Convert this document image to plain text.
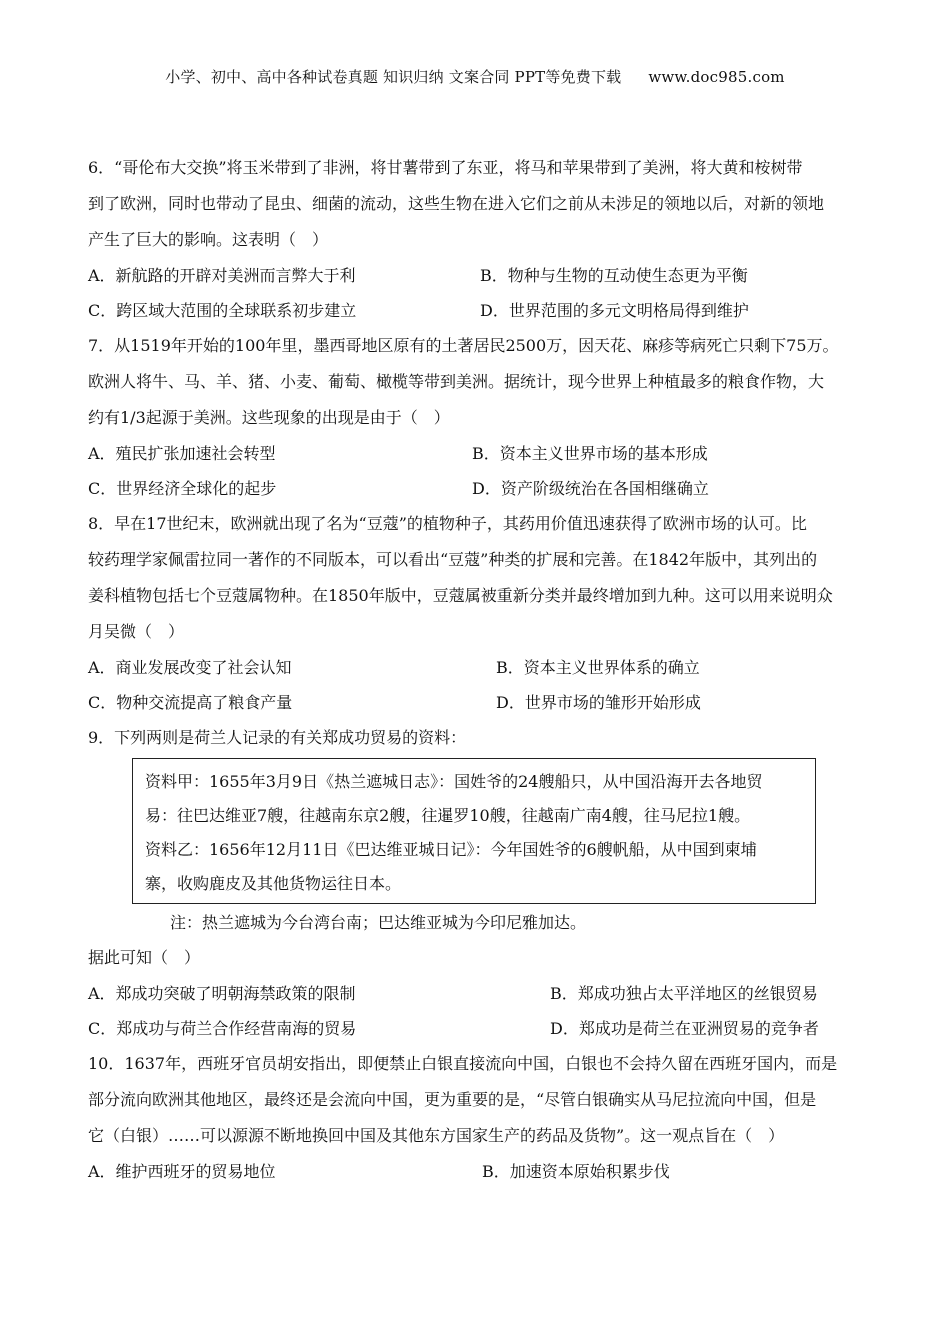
小学、初中、高中各种试卷真题 知识归纳 文案合同 PPT等免费下载 www.doc985.com
6．“哥伦布大交换”将玉米带到了非洲，将甘薯带到了东亚，将马和苹果带到了美洲，将大黄和桉树带
到了欧洲，同时也带动了昆虫、细菌的流动，这些生物在进入它们之前从未涉足的领地以后，对新的领地
产生了巨大的影响。这表明（　）
A．新航路的开辟对美洲而言弊大于利	B．物种与生物的互动使生态更为平衡
C．跨区域大范围的全球联系初步建立	D．世界范围的多元文明格局得到维护
7．从1519年开始的100年里，墨西哥地区原有的土著居民2500万，因天花、麻疹等病死亡只剩下75万。
欧洲人将牛、马、羊、猪、小麦、葡萄、橄榄等带到美洲。据统计，现今世界上种植最多的粮食作物，大
约有1/3起源于美洲。这些现象的出现是由于（　）
A．殖民扩张加速社会转型	B．资本主义世界市场的基本形成
C．世界经济全球化的起步	D．资产阶级统治在各国相继确立
8．早在17世纪末，欧洲就出现了名为“豆蔻”的植物种子，其药用价值迅速获得了欧洲市场的认可。比
较药理学家佩雷拉同一著作的不同版本，可以看出“豆蔻”种类的扩展和完善。在1842年版中，其列出的
姜科植物包括七个豆蔻属物种。在1850年版中，豆蔻属被重新分类并最终增加到九种。这可以用来说明众
月吴微（　）
A．商业发展改变了社会认知	B．资本主义世界体系的确立
C．物种交流提高了粮食产量	D．世界市场的雏形开始形成
9．下列两则是荷兰人记录的有关郑成功贸易的资料：
资料甲：1655年3月9日《热兰遮城日志》：国姓爷的24艘船只，从中国沿海开去各地贸
易：往巴达维亚7艘，往越南东京2艘，往暹罗10艘，往越南广南4艘，往马尼拉1艘。
资料乙：1656年12月11日《巴达维亚城日记》：今年国姓爷的6艘帆船，从中国到柬埔
寨，收购鹿皮及其他货物运往日本。
注：热兰遮城为今台湾台南；巴达维亚城为今印尼雅加达。
据此可知（　）
A．郑成功突破了明朝海禁政策的限制	B．郑成功独占太平洋地区的丝银贸易
C．郑成功与荷兰合作经营南海的贸易	D．郑成功是荷兰在亚洲贸易的竞争者
10．1637年，西班牙官员胡安指出，即便禁止白银直接流向中国，白银也不会持久留在西班牙国内，而是
部分流向欧洲其他地区，最终还是会流向中国，更为重要的是，“尽管白银确实从马尼拉流向中国，但是
它（白银）……可以源源不断地换回中国及其他东方国家生产的药品及货物”。这一观点旨在（　）
A．维护西班牙的贸易地位	B．加速资本原始积累步伐
